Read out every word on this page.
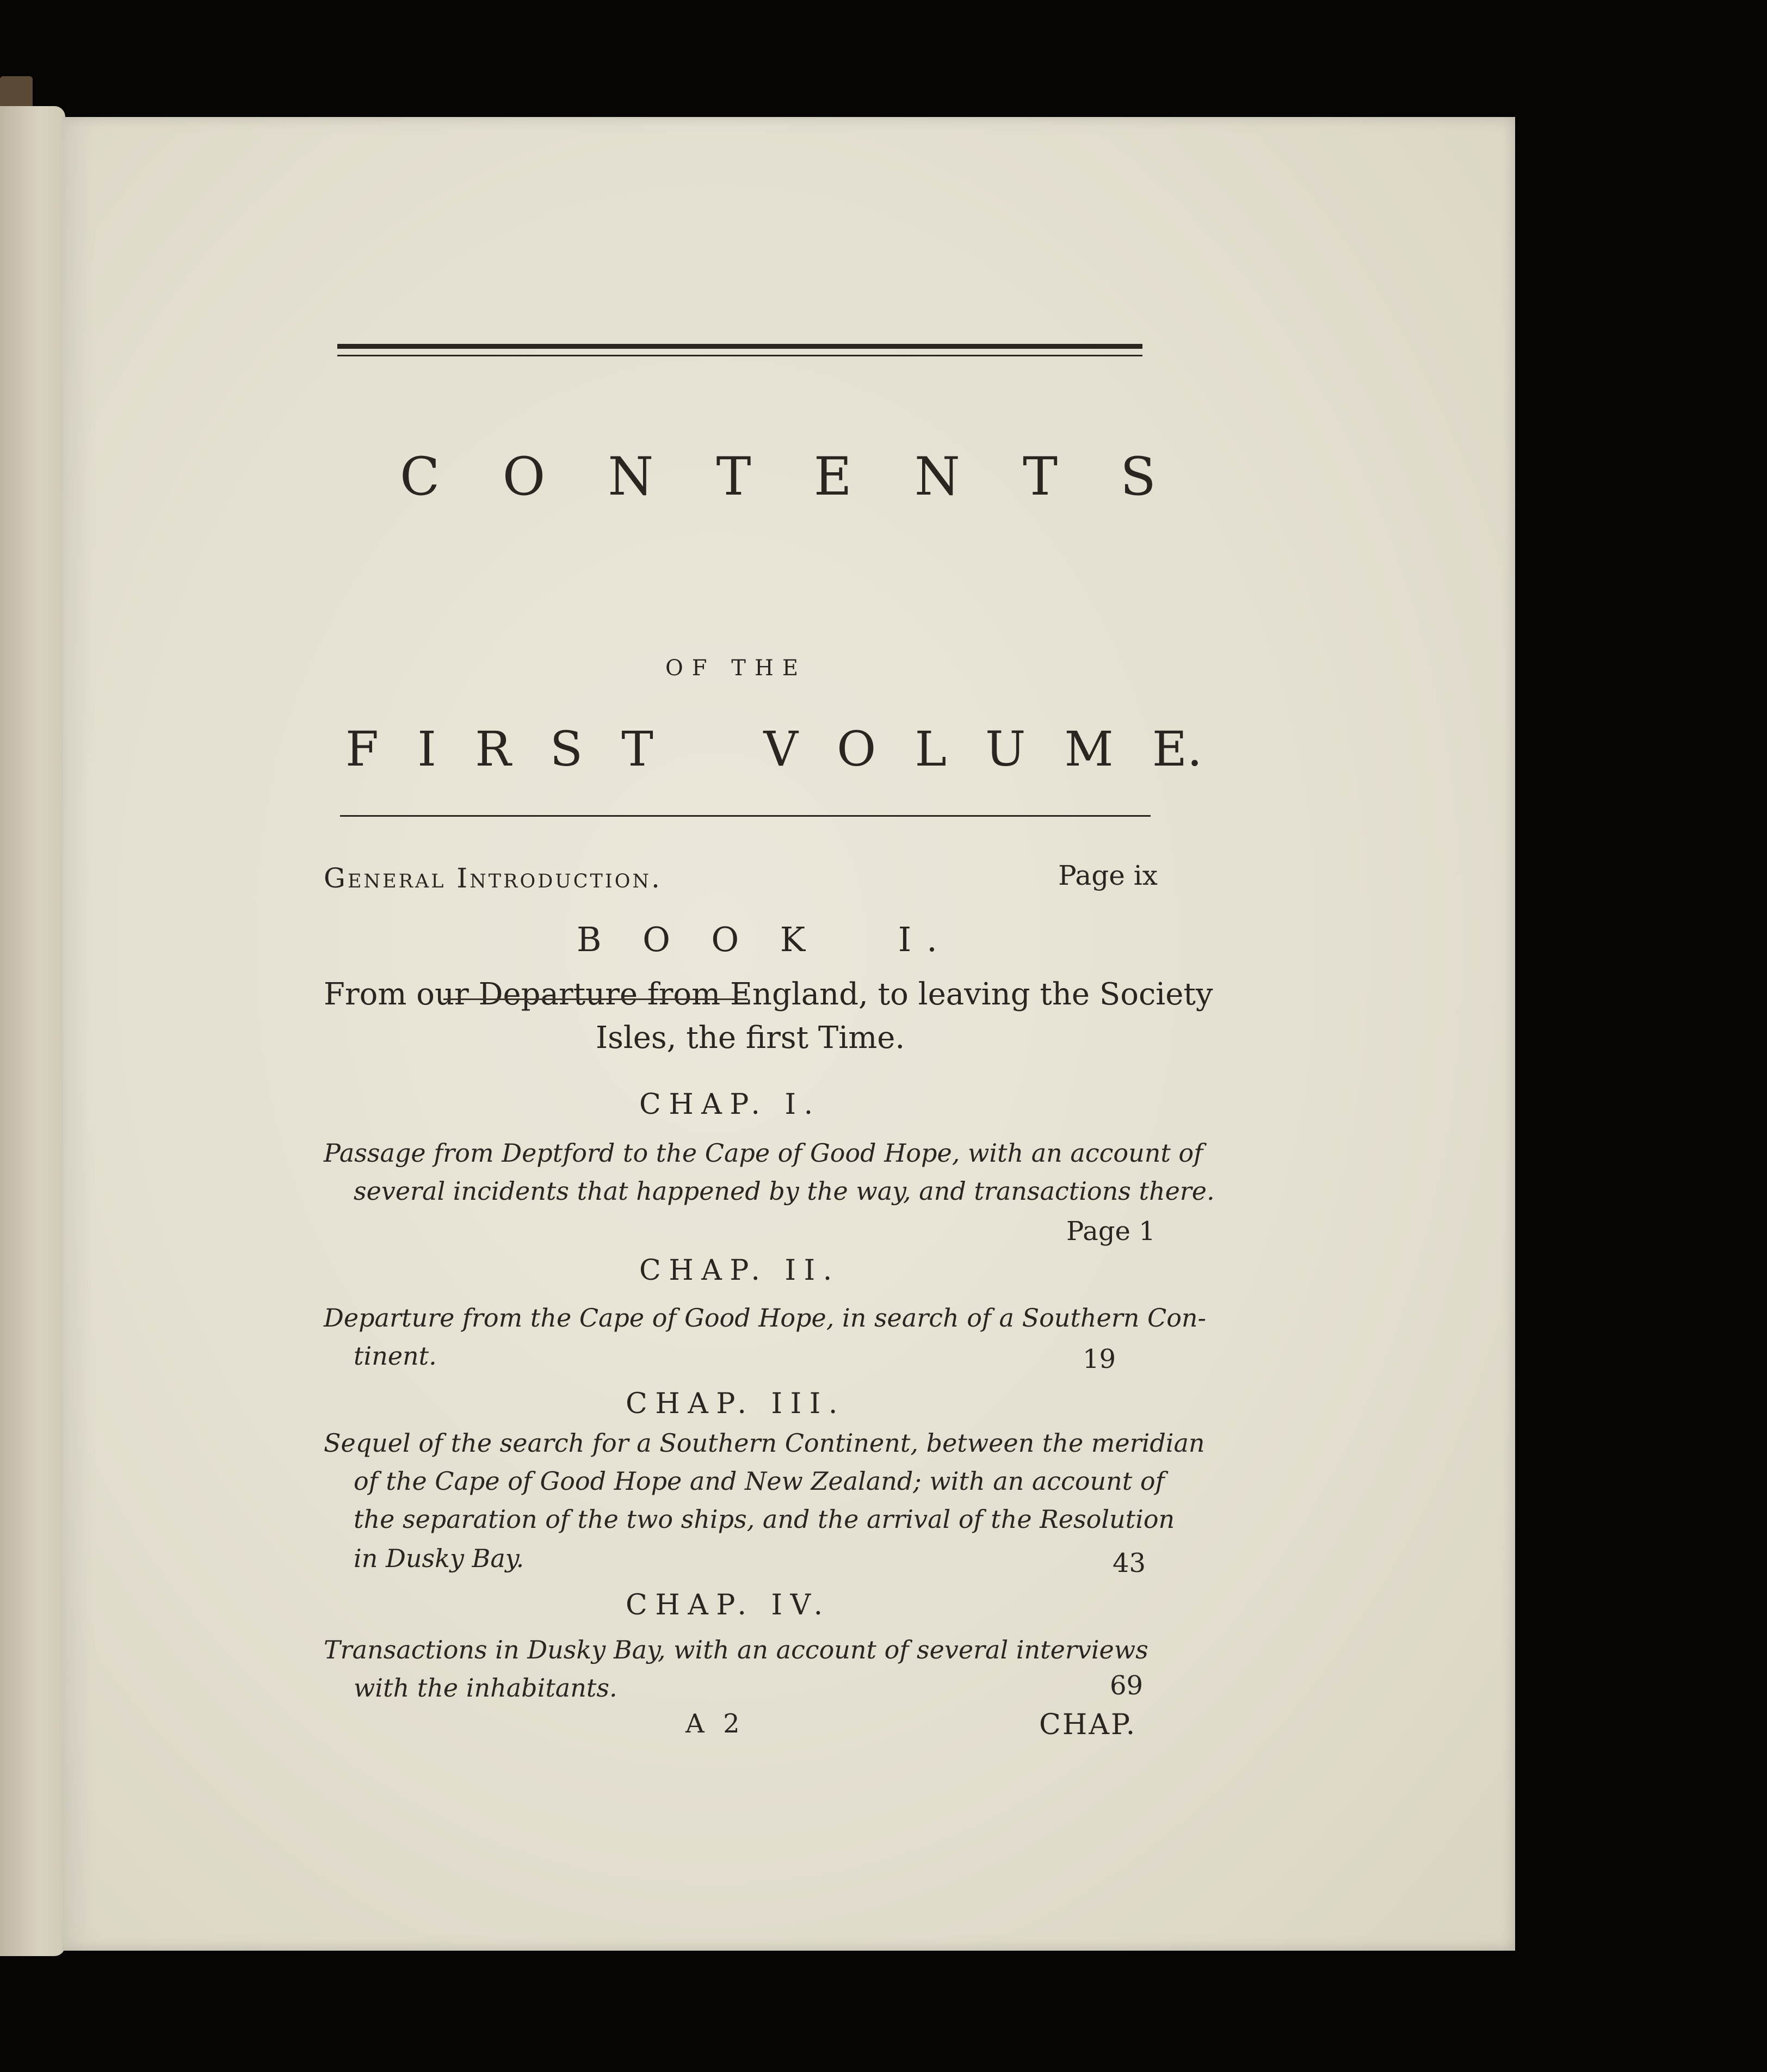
C O N T E N T S
OF THE
F I R S T V O L U M E.
General Introduction.	Page ix
B O O K   I.
From our Departure from England, to leaving the Society
Isles, the first Time.
CHAP. I.
Passage from Deptford to the Cape of Good Hope, with an account of
several incidents that happened by the way, and transactions there.
Page 1
CHAP. II.
Departure from the Cape of Good Hope, in search of a Southern Con-
tinent.	19
CHAP. III.
Sequel of the search for a Southern Continent, between the meridian
of the Cape of Good Hope and New Zealand; with an account of
the separation of the two ships, and the arrival of the Resolution
in Dusky Bay.	43
CHAP. IV.
Transactions in Dusky Bay, with an account of several interviews
with the inhabitants.	69
A 2	CHAP.
